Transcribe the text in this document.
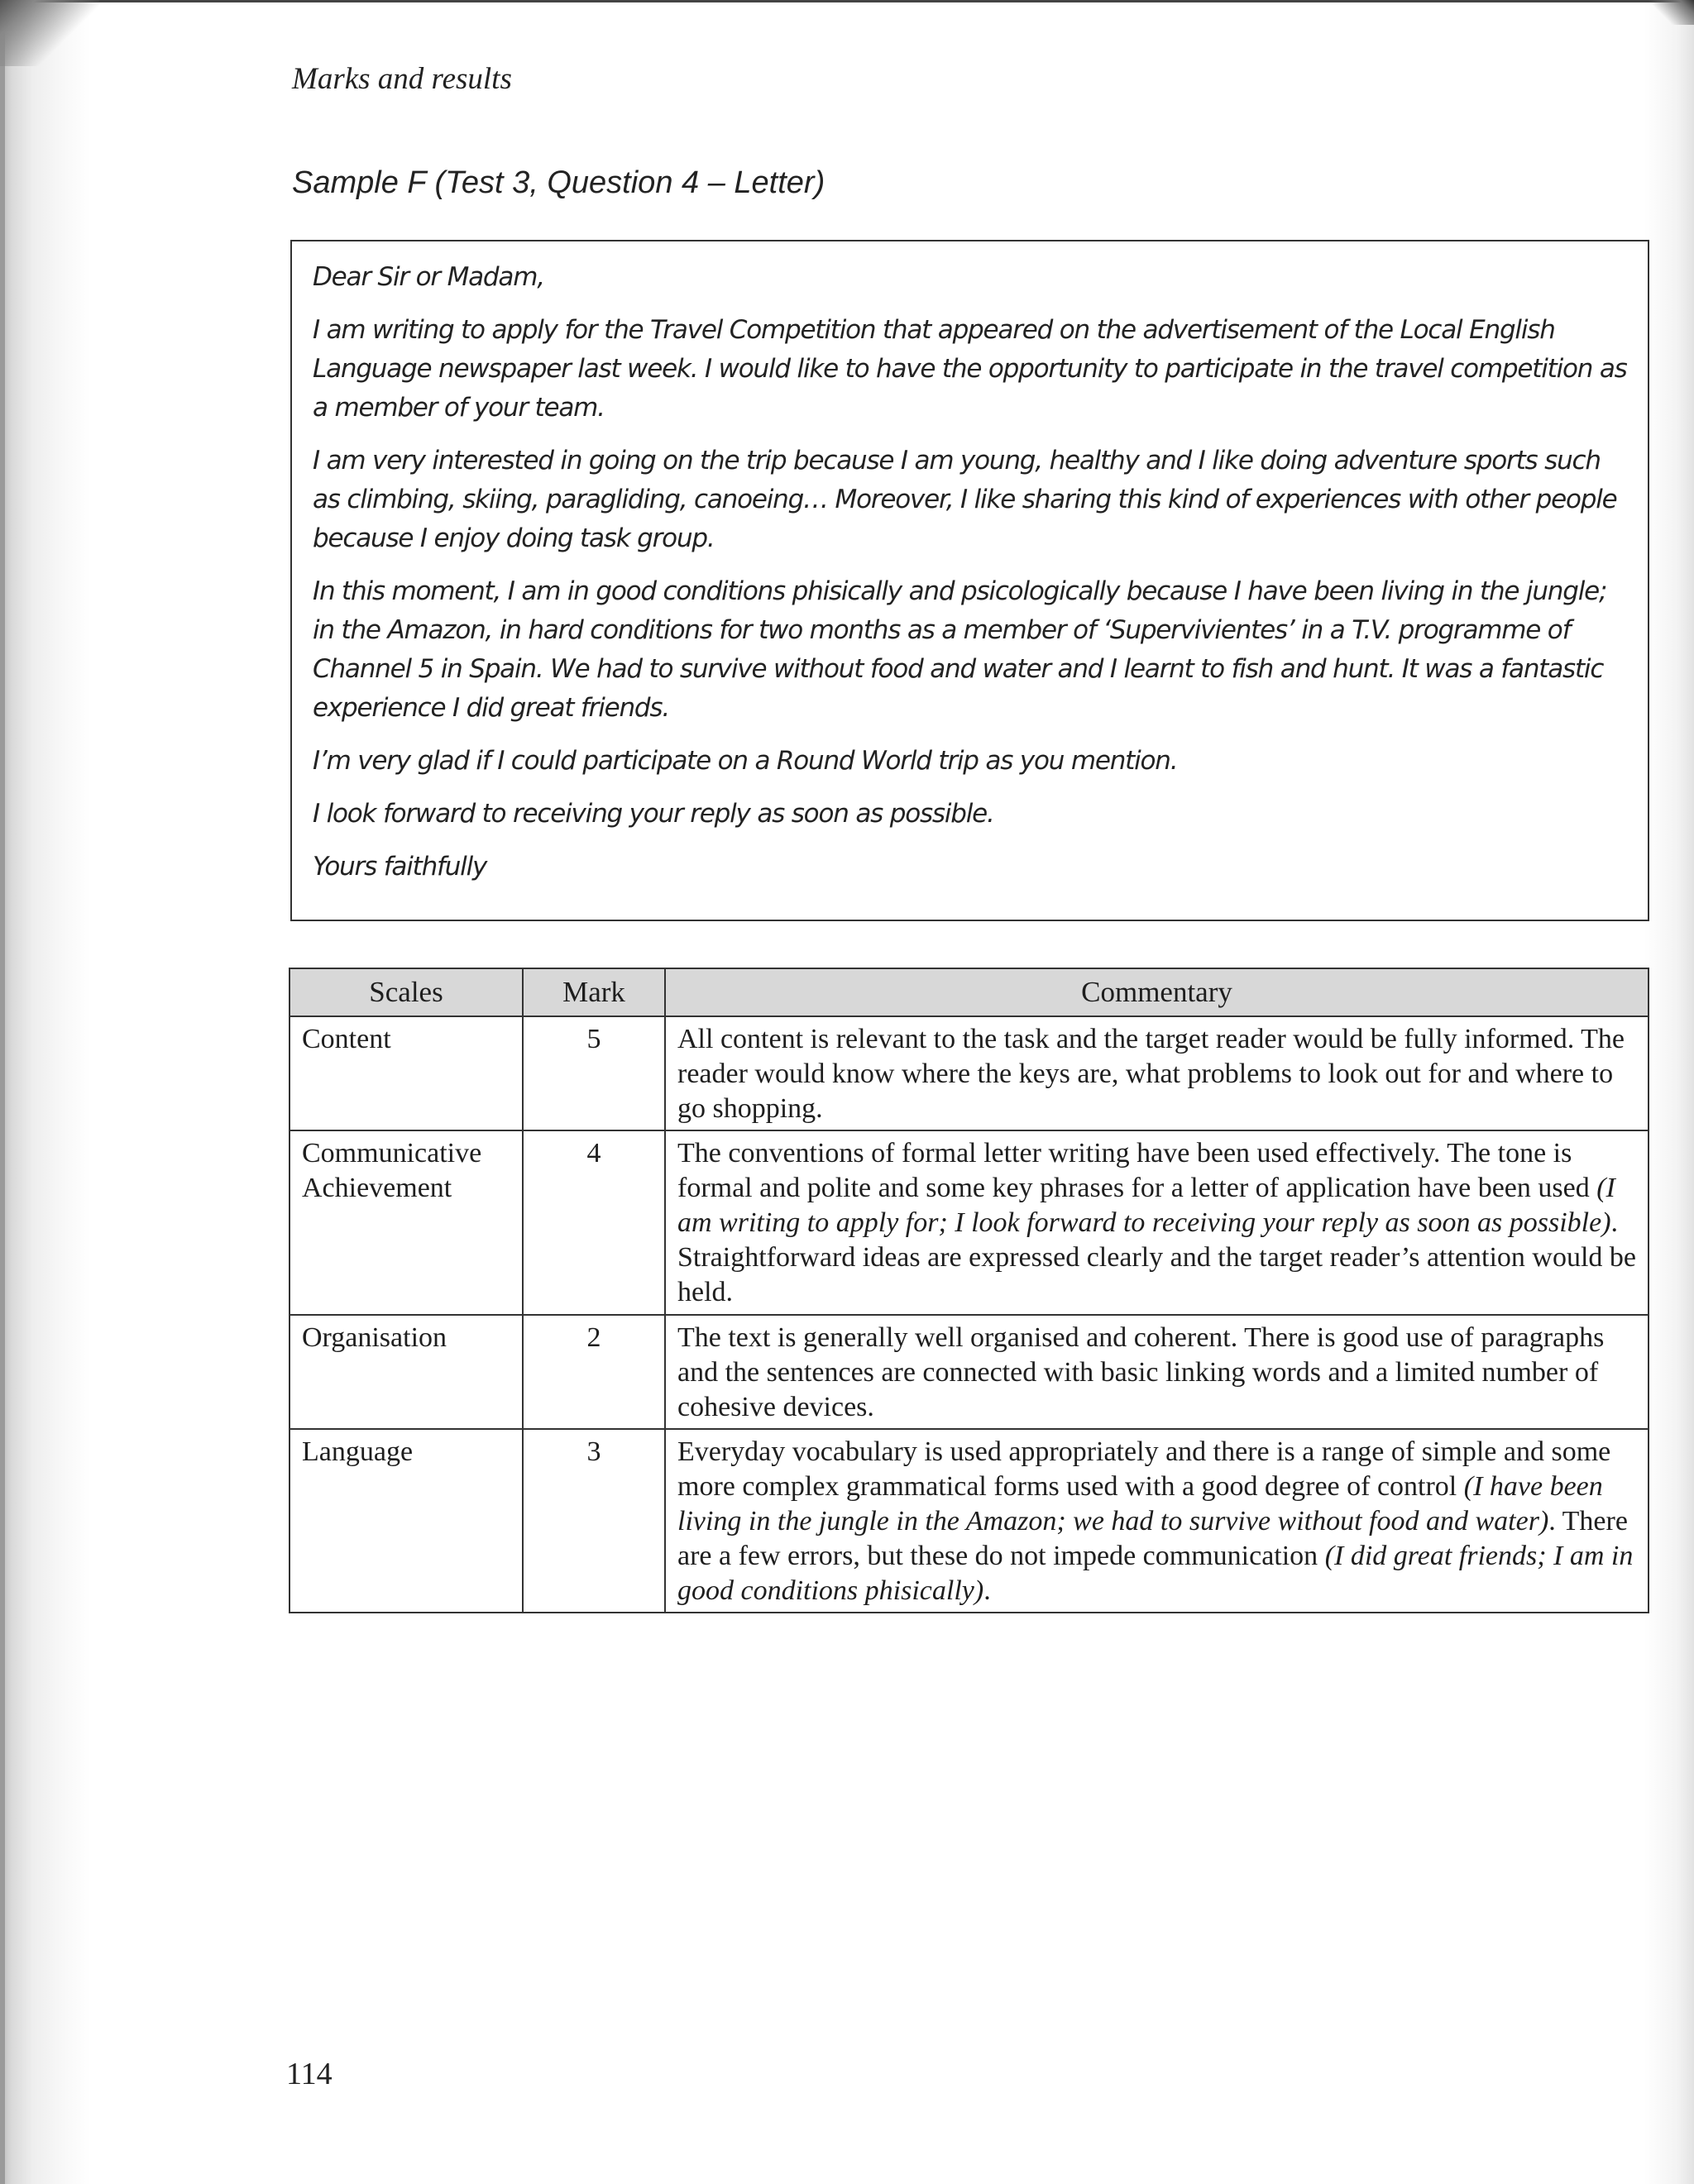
Marks and results
Sample F (Test 3, Question 4 – Letter)

Dear Sir or Madam,

I am writing to apply for the Travel Competition that appeared on the advertisement of the Local English Language newspaper last week. I would like to have the opportunity to participate in the travel competition as a member of your team.

I am very interested in going on the trip because I am young, healthy and I like doing adventure sports such as climbing, skiing, paragliding, canoeing… Moreover, I like sharing this kind of experiences with other people because I enjoy doing task group.

In this moment, I am in good conditions phisically and psicologically because I have been living in the jungle; in the Amazon, in hard conditions for two months as a member of ‘Supervivientes’ in a T.V. programme of Channel 5 in Spain. We had to survive without food and water and I learnt to fish and hunt. It was a fantastic experience I did great friends.

I’m very glad if I could participate on a Round World trip as you mention.

I look forward to receiving your reply as soon as possible.

Yours faithfully

Scales	Mark	Commentary
Content	5	All content is relevant to the task and the target reader would be fully informed. The reader would know where the keys are, what problems to look out for and where to go shopping.
Communicative Achievement	4	The conventions of formal letter writing have been used effectively. The tone is formal and polite and some key phrases for a letter of application have been used (I am writing to apply for; I look forward to receiving your reply as soon as possible). Straightforward ideas are expressed clearly and the target reader’s attention would be held.
Organisation	2	The text is generally well organised and coherent. There is good use of paragraphs and the sentences are connected with basic linking words and a limited number of cohesive devices.
Language	3	Everyday vocabulary is used appropriately and there is a range of simple and some more complex grammatical forms used with a good degree of control (I have been living in the jungle in the Amazon; we had to survive without food and water). There are a few errors, but these do not impede communication (I did great friends; I am in good conditions phisically).
114
